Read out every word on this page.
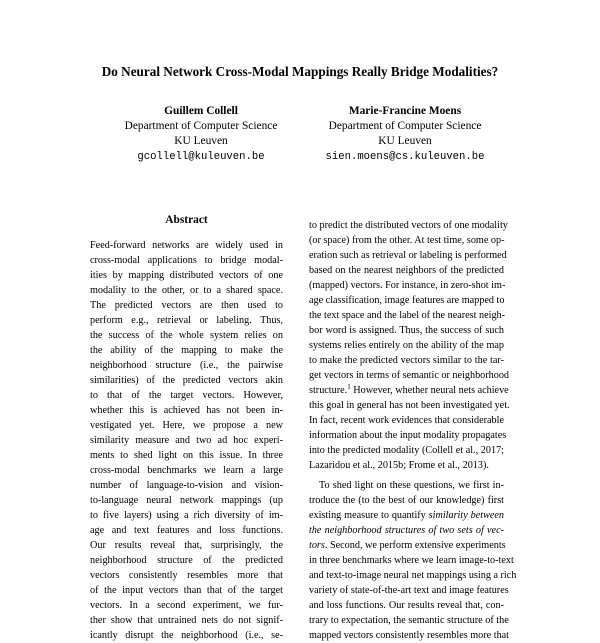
Do Neural Network Cross-Modal Mappings Really Bridge Modalities?
Guillem Collell
Department of Computer Science
KU Leuven
gcollell@kuleuven.be
Marie-Francine Moens
Department of Computer Science
KU Leuven
sien.moens@cs.kuleuven.be
Abstract
Feed-forward networks are widely used in
cross-modal applications to bridge modal-
ities by mapping distributed vectors of one
modality to the other, or to a shared space.
The predicted vectors are then used to
perform e.g., retrieval or labeling. Thus,
the success of the whole system relies on
the ability of the mapping to make the
neighborhood structure (i.e., the pairwise
similarities) of the predicted vectors akin
to that of the target vectors. However,
whether this is achieved has not been in-
vestigated yet. Here, we propose a new
similarity measure and two ad hoc experi-
ments to shed light on this issue. In three
cross-modal benchmarks we learn a large
number of language-to-vision and vision-
to-language neural network mappings (up
to five layers) using a rich diversity of im-
age and text features and loss functions.
Our results reveal that, surprisingly, the
neighborhood structure of the predicted
vectors consistently resembles more that
of the input vectors than that of the target
vectors. In a second experiment, we fur-
ther show that untrained nets do not signif-
icantly disrupt the neighborhood (i.e., se-
to predict the distributed vectors of one modality
(or space) from the other. At test time, some op-
eration such as retrieval or labeling is performed
based on the nearest neighbors of the predicted
(mapped) vectors. For instance, in zero-shot im-
age classification, image features are mapped to
the text space and the label of the nearest neigh-
bor word is assigned. Thus, the success of such
systems relies entirely on the ability of the map
to make the predicted vectors similar to the tar-
get vectors in terms of semantic or neighborhood
structure.$^1$ However, whether neural nets achieve
this goal in general has not been investigated yet.
In fact, recent work evidences that considerable
information about the input modality propagates
into the predicted modality (Collell et al., 2017;
Lazaridou et al., 2015b; Frome et al., 2013).
To shed light on these questions, we first in-
troduce the (to the best of our knowledge) first
existing measure to quantify similarity between
the neighborhood structures of two sets of vec-
tors. Second, we perform extensive experiments
in three benchmarks where we learn image-to-text
and text-to-image neural net mappings using a rich
variety of state-of-the-art text and image features
and loss functions. Our results reveal that, con-
trary to expectation, the semantic structure of the
mapped vectors consistently resembles more that
